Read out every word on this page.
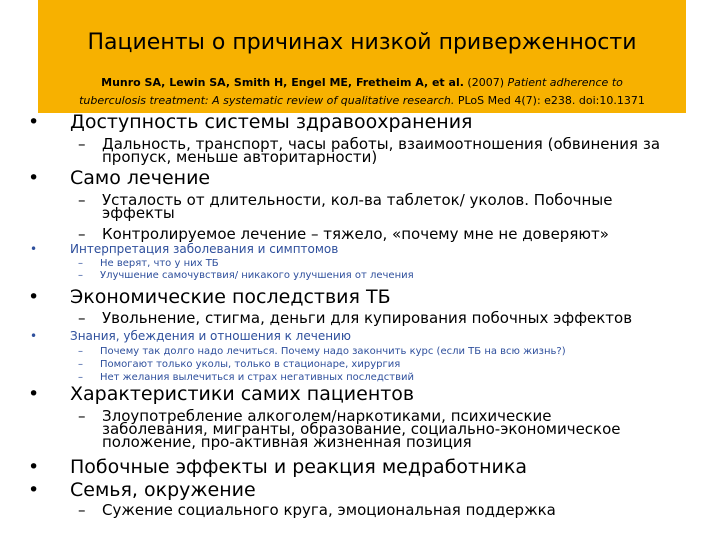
Пациенты о причинах низкой приверженности
Munro SA, Lewin SA, Smith H, Engel ME, Fretheim A, et al. (2007) Patient adherence to tuberculosis treatment: A systematic review of qualitative research. PLoS Med 4(7): e238. doi:10.1371
• Доступность системы здравоохранения
– Дальность, транспорт, часы работы, взаимоотношения (обвинения за
пропуск, меньше авторитарности)
• Само лечение
– Усталость от длительности, кол-ва таблеток/ уколов. Побочные
эффекты
– Контролируемое лечение – тяжело, «почему мне не доверяют»
•	Интерпретация заболевания и симптомов
– Не верят, что у них ТБ
– Улучшение самочувствия/ никакого улучшения от лечения
• Экономические последствия ТБ
– Увольнение, стигма, деньги для купирования побочных эффектов
•	Знания, убеждения и отношения к лечению
– Почему так долго надо лечиться. Почему надо закончить курс (если ТБ на всю жизнь?)
– Помогают только уколы, только в стационаре, хирургия
– Нет желания вылечиться и страх негативных последствий
• Характеристики самих пациентов
– Злоупотребление алкоголем/наркотиками, психические
заболевания, мигранты, образование, социально-экономическое
положение, про-активная жизненная позиция
• Побочные эффекты и реакция медработника
• Семья, окружение
– Сужение социального круга, эмоциональная поддержка
